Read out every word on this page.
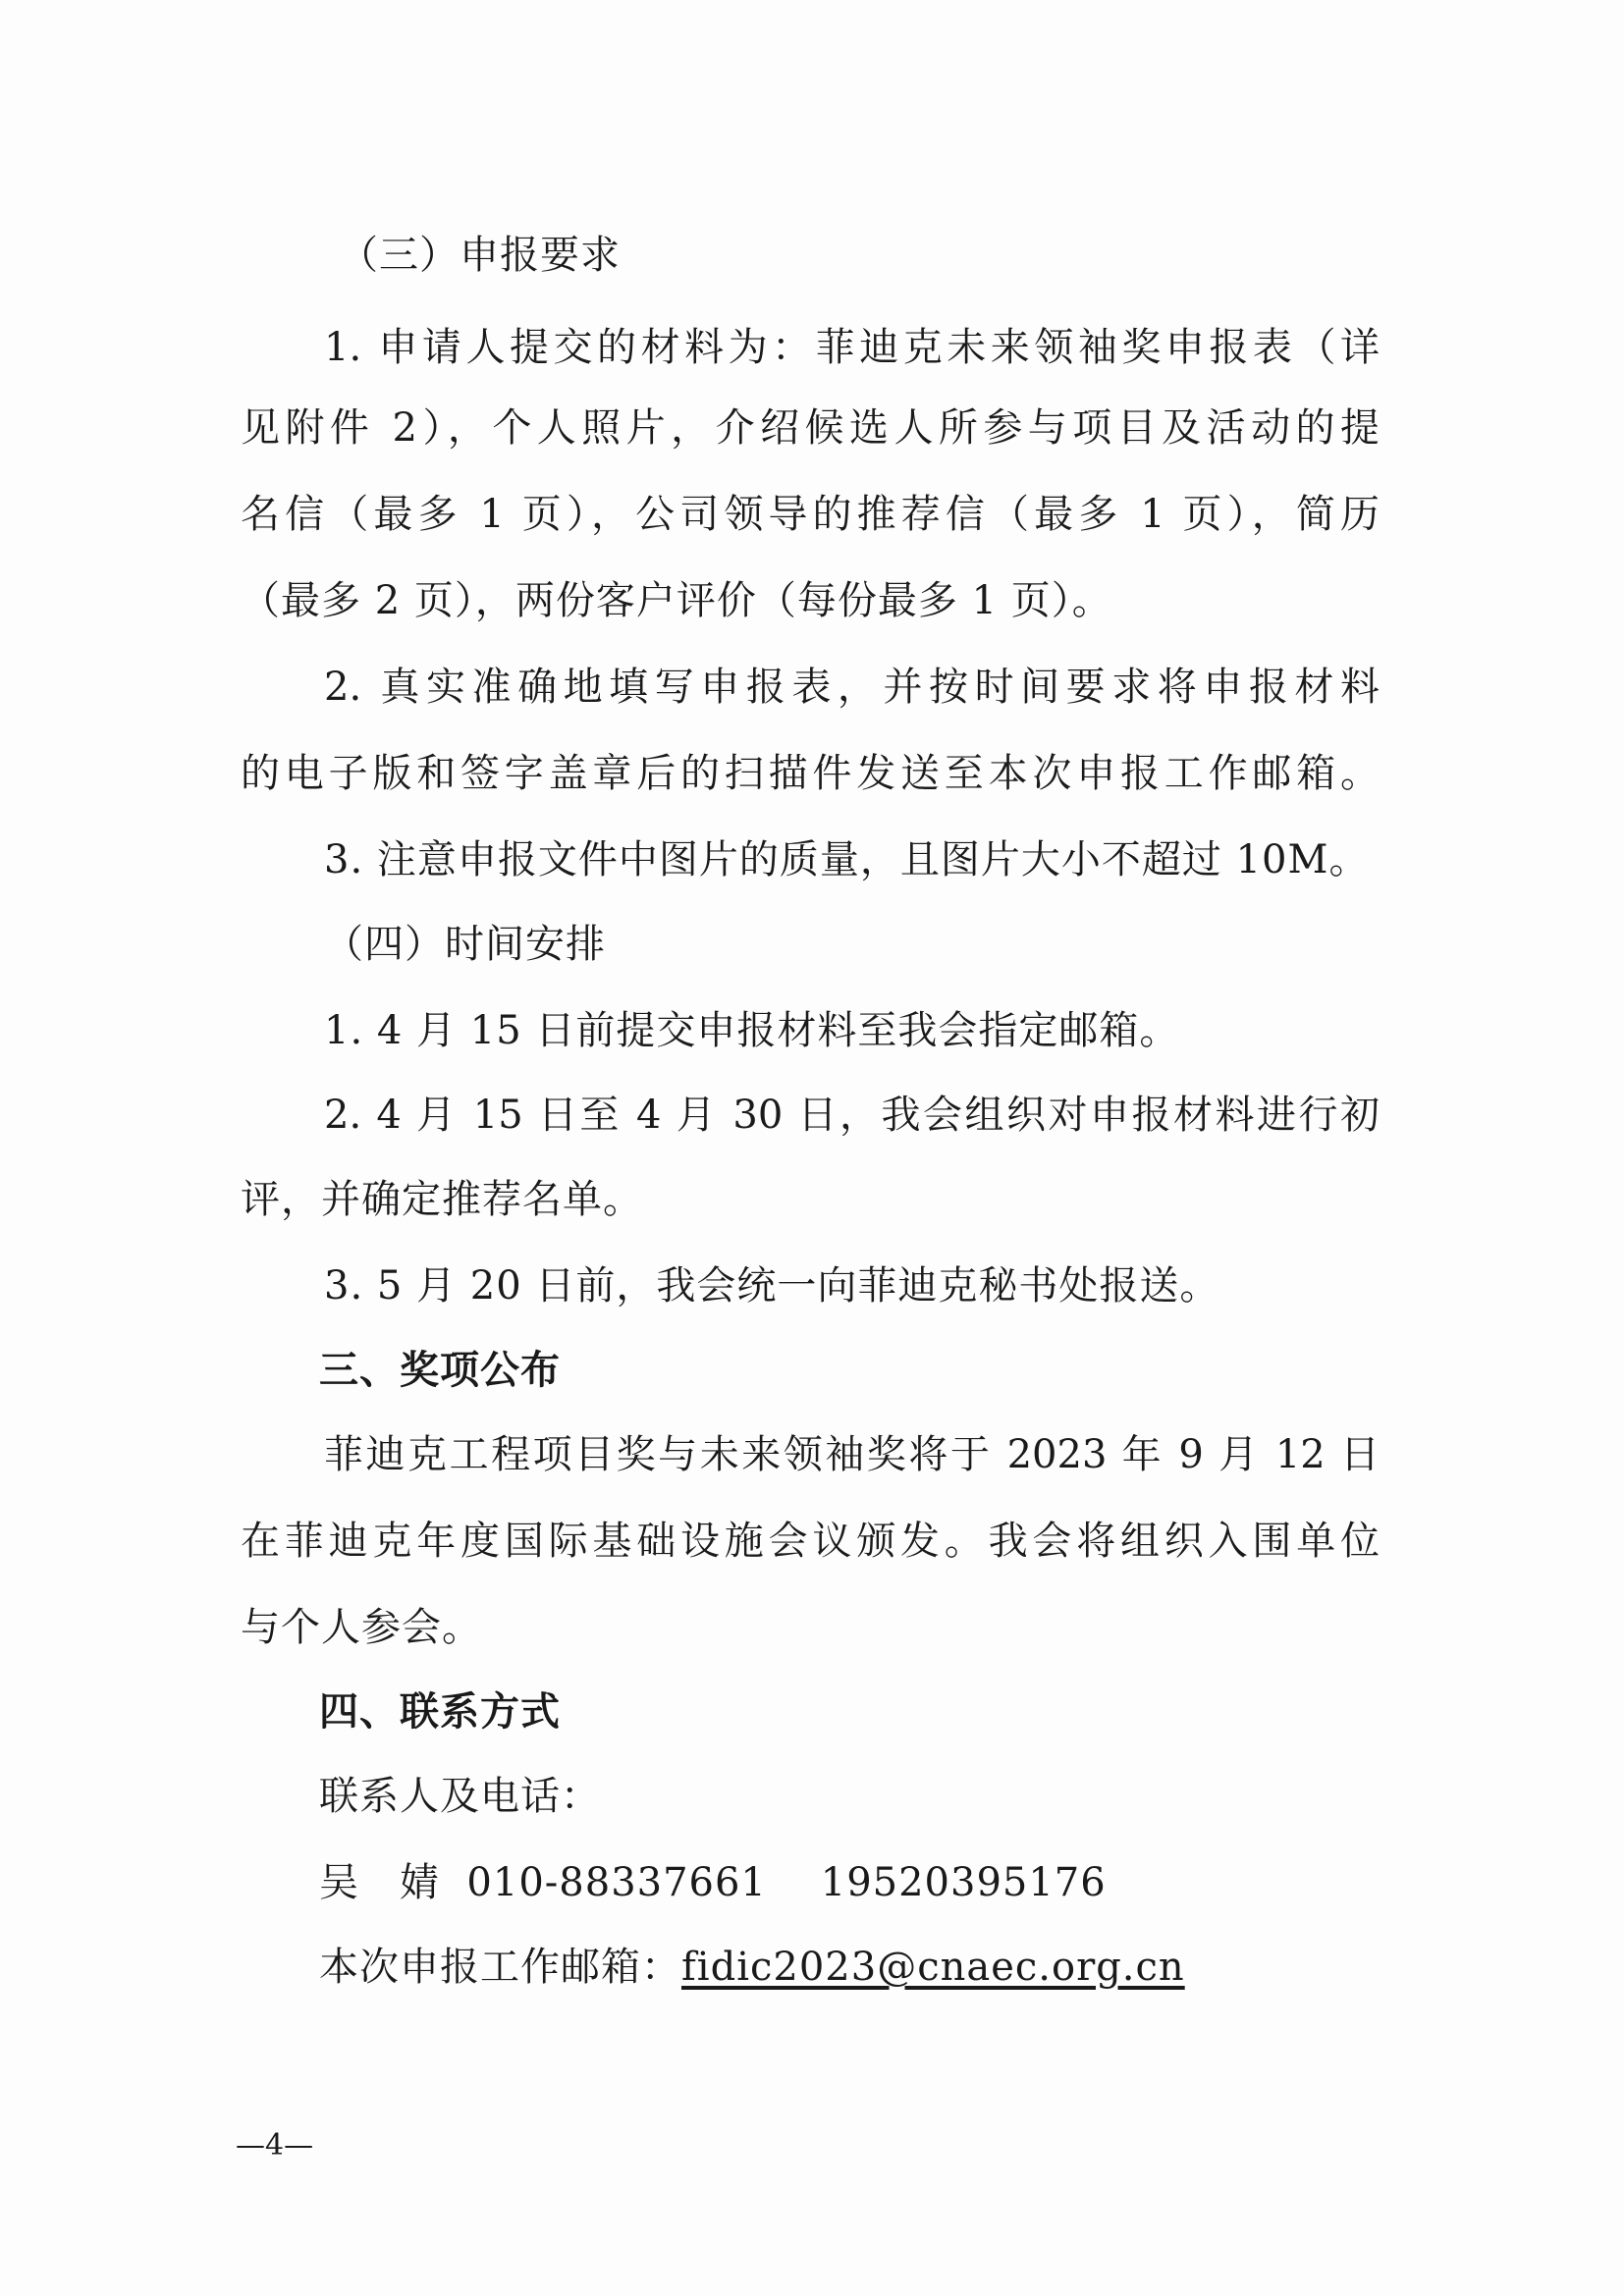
（三）申报要求
1. 申请人提交的材料为：菲迪克未来领袖奖申报表（详
见附件 2），个人照片，介绍候选人所参与项目及活动的提
名信（最多 1 页），公司领导的推荐信（最多 1 页），简历
（最多 2 页），两份客户评价（每份最多 1 页）。
2. 真实准确地填写申报表，并按时间要求将申报材料
的电子版和签字盖章后的扫描件发送至本次申报工作邮箱。
3. 注意申报文件中图片的质量，且图片大小不超过 10M。
（四）时间安排
1. 4 月 15 日前提交申报材料至我会指定邮箱。
2. 4 月 15 日至 4 月 30 日，我会组织对申报材料进行初
评，并确定推荐名单。
3. 5 月 20 日前，我会统一向菲迪克秘书处报送。
三、奖项公布
菲迪克工程项目奖与未来领袖奖将于 2023 年 9 月 12 日
在菲迪克年度国际基础设施会议颁发。我会将组织入围单位
与个人参会。
四、联系方式
联系人及电话：
吴　婧  010-88337661    19520395176
本次申报工作邮箱：fidic2023@cnaec.org.cn
—4—
